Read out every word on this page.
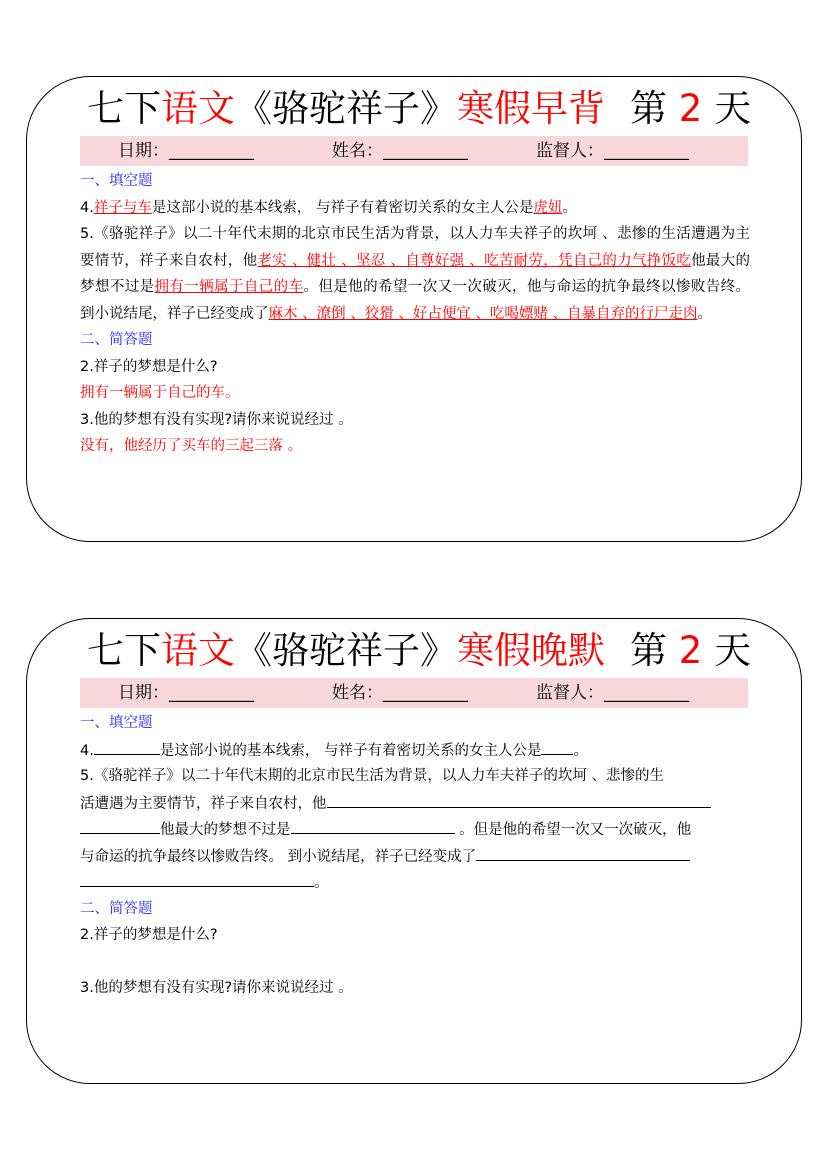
七下语文《骆驼祥子》寒假早背 第 2 天
日期：__________	姓名：__________	监督人：__________
一、填空题
4.祥子与车是这部小说的基本线索， 与祥子有着密切关系的女主人公是虎妞。
5.《骆驼祥子》以二十年代末期的北京市民生活为背景，以人力车夫祥子的坎坷 、悲惨的生活遭遇为主要情节，祥子来自农村，他老实 、健壮 、坚忍 、自尊好强 、吃苦耐劳，凭自己的力气挣饭吃他最大的梦想不过是拥有一辆属于自己的车。但是他的希望一次又一次破灭，他与命运的抗争最终以惨败告终。 到小说结尾，祥子已经变成了麻木 、潦倒 、狡猾 、好占便宜 、吃喝嫖赌 、自暴自弃的行尸走肉。
二、简答题
2.祥子的梦想是什么?
拥有一辆属于自己的车。
3.他的梦想有没有实现?请你来说说经过 。
没有，他经历了买车的三起三落 。
七下语文《骆驼祥子》寒假晚默 第 2 天
日期：__________	姓名：__________	监督人：__________
一、填空题
4.	是这部小说的基本线索， 与祥子有着密切关系的女主人公是 。
5.《骆驼祥子》以二十年代末期的北京市民生活为背景，以人力车夫祥子的坎坷 、悲惨的生
活遭遇为主要情节，祥子来自农村，他
他最大的梦想不过是	。但是他的希望一次又一次破灭，他
与命运的抗争最终以惨败告终。 到小说结尾，祥子已经变成了
。
二、简答题
2.祥子的梦想是什么?
3.他的梦想有没有实现?请你来说说经过 。
